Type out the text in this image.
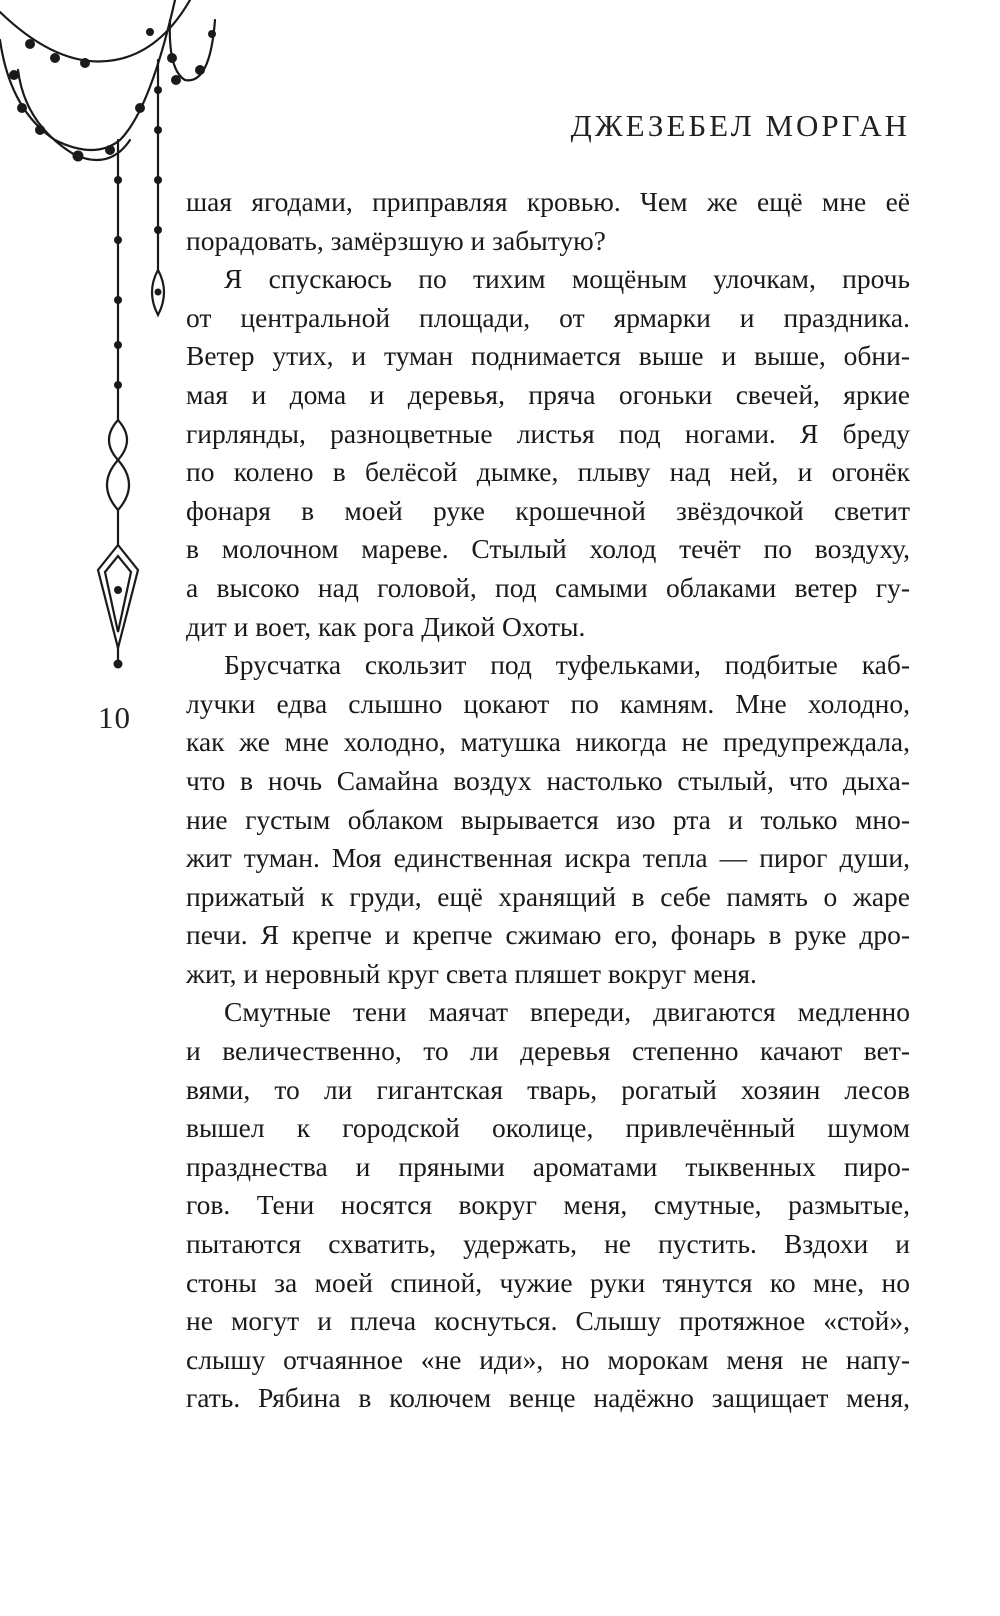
ДЖЕЗЕБЕЛ МОРГАН
10

шая ягодами, приправляя кровью. Чем же ещё мне её
порадовать, замёрзшую и забытую?

Я спускаюсь по тихим мощёным улочкам, прочь
от центральной площади, от ярмарки и праздника.
Ветер утих, и туман поднимается выше и выше, обни-
мая и дома и деревья, пряча огоньки свечей, яркие
гирлянды, разноцветные листья под ногами. Я бреду
по колено в белёсой дымке, плыву над ней, и огонёк
фонаря в моей руке крошечной звёздочкой светит
в молочном мареве. Стылый холод течёт по воздуху,
а высоко над головой, под самыми облаками ветер гу-
дит и воет, как рога Дикой Охоты.

Брусчатка скользит под туфельками, подбитые каб-
лучки едва слышно цокают по камням. Мне холодно,
как же мне холодно, матушка никогда не предупреждала,
что в ночь Самайна воздух настолько стылый, что дыха-
ние густым облаком вырывается изо рта и только мно-
жит туман. Моя единственная искра тепла — пирог души,
прижатый к груди, ещё хранящий в себе память о жаре
печи. Я крепче и крепче сжимаю его, фонарь в руке дро-
жит, и неровный круг света пляшет вокруг меня.

Смутные тени маячат впереди, двигаются медленно
и величественно, то ли деревья степенно качают вет-
вями, то ли гигантская тварь, рогатый хозяин лесов
вышел к городской околице, привлечённый шумом
празднества и пряными ароматами тыквенных пиро-
гов. Тени носятся вокруг меня, смутные, размытые,
пытаются схватить, удержать, не пустить. Вздохи и
стоны за моей спиной, чужие руки тянутся ко мне, но
не могут и плеча коснуться. Слышу протяжное «стой»,
слышу отчаянное «не иди», но морокам меня не напу-
гать. Рябина в колючем венце надёжно защищает меня,
